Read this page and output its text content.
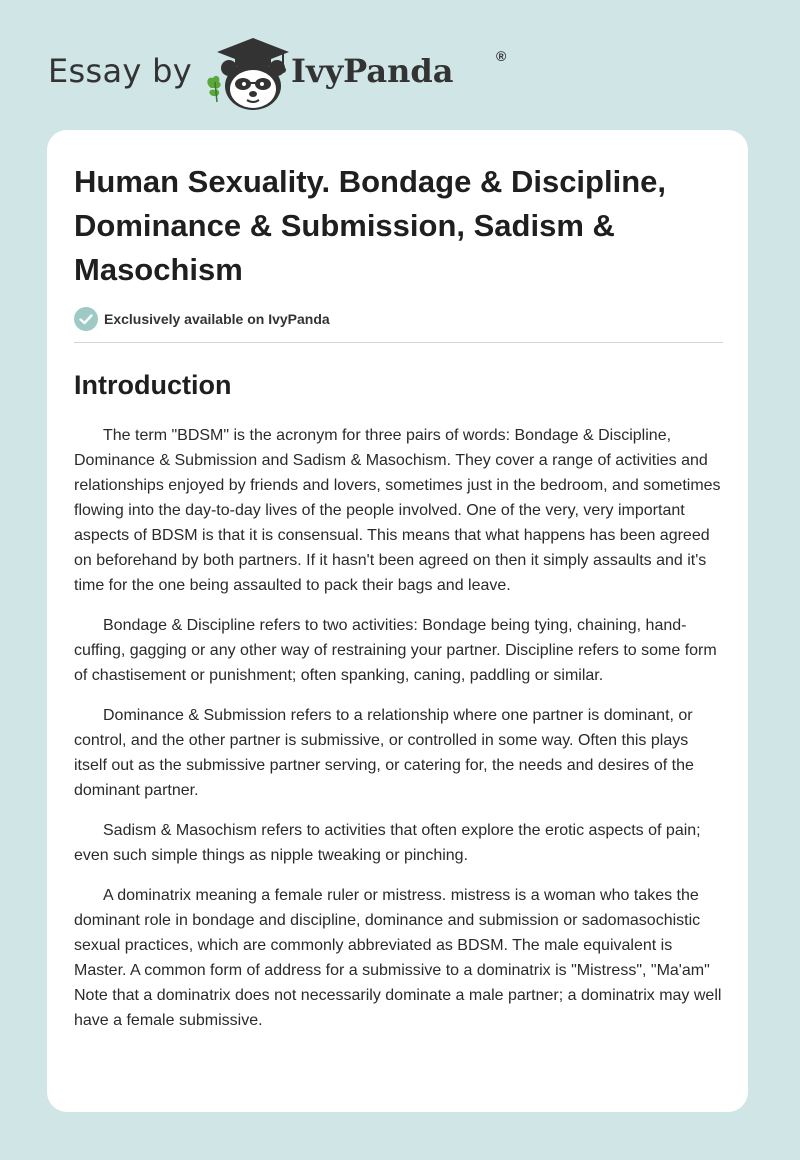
Essay by	IvyPanda	®
Human Sexuality. Bondage & Discipline, Dominance & Submission, Sadism & Masochism
Exclusively available on IvyPanda
Introduction

The term "BDSM" is the acronym for three pairs of words: Bondage & Discipline, Dominance & Submission and Sadism & Masochism. They cover a range of activities and relationships enjoyed by friends and lovers, sometimes just in the bedroom, and sometimes flowing into the day-to-day lives of the people involved. One of the very, very important aspects of BDSM is that it is consensual. This means that what happens has been agreed on beforehand by both partners. If it hasn't been agreed on then it simply assaults and it's time for the one being assaulted to pack their bags and leave.

Bondage & Discipline refers to two activities: Bondage being tying, chaining, hand-cuffing, gagging or any other way of restraining your partner. Discipline refers to some form of chastisement or punishment; often spanking, caning, paddling or similar.

Dominance & Submission refers to a relationship where one partner is dominant, or control, and the other partner is submissive, or controlled in some way. Often this plays itself out as the submissive partner serving, or catering for, the needs and desires of the dominant partner.

Sadism & Masochism refers to activities that often explore the erotic aspects of pain; even such simple things as nipple tweaking or pinching.

A dominatrix meaning a female ruler or mistress. mistress is a woman who takes the dominant role in bondage and discipline, dominance and submission or sadomasochistic sexual practices, which are commonly abbreviated as BDSM. The male equivalent is Master. A common form of address for a submissive to a dominatrix is "Mistress", "Ma'am" Note that a dominatrix does not necessarily dominate a male partner; a dominatrix may well have a female submissive.
